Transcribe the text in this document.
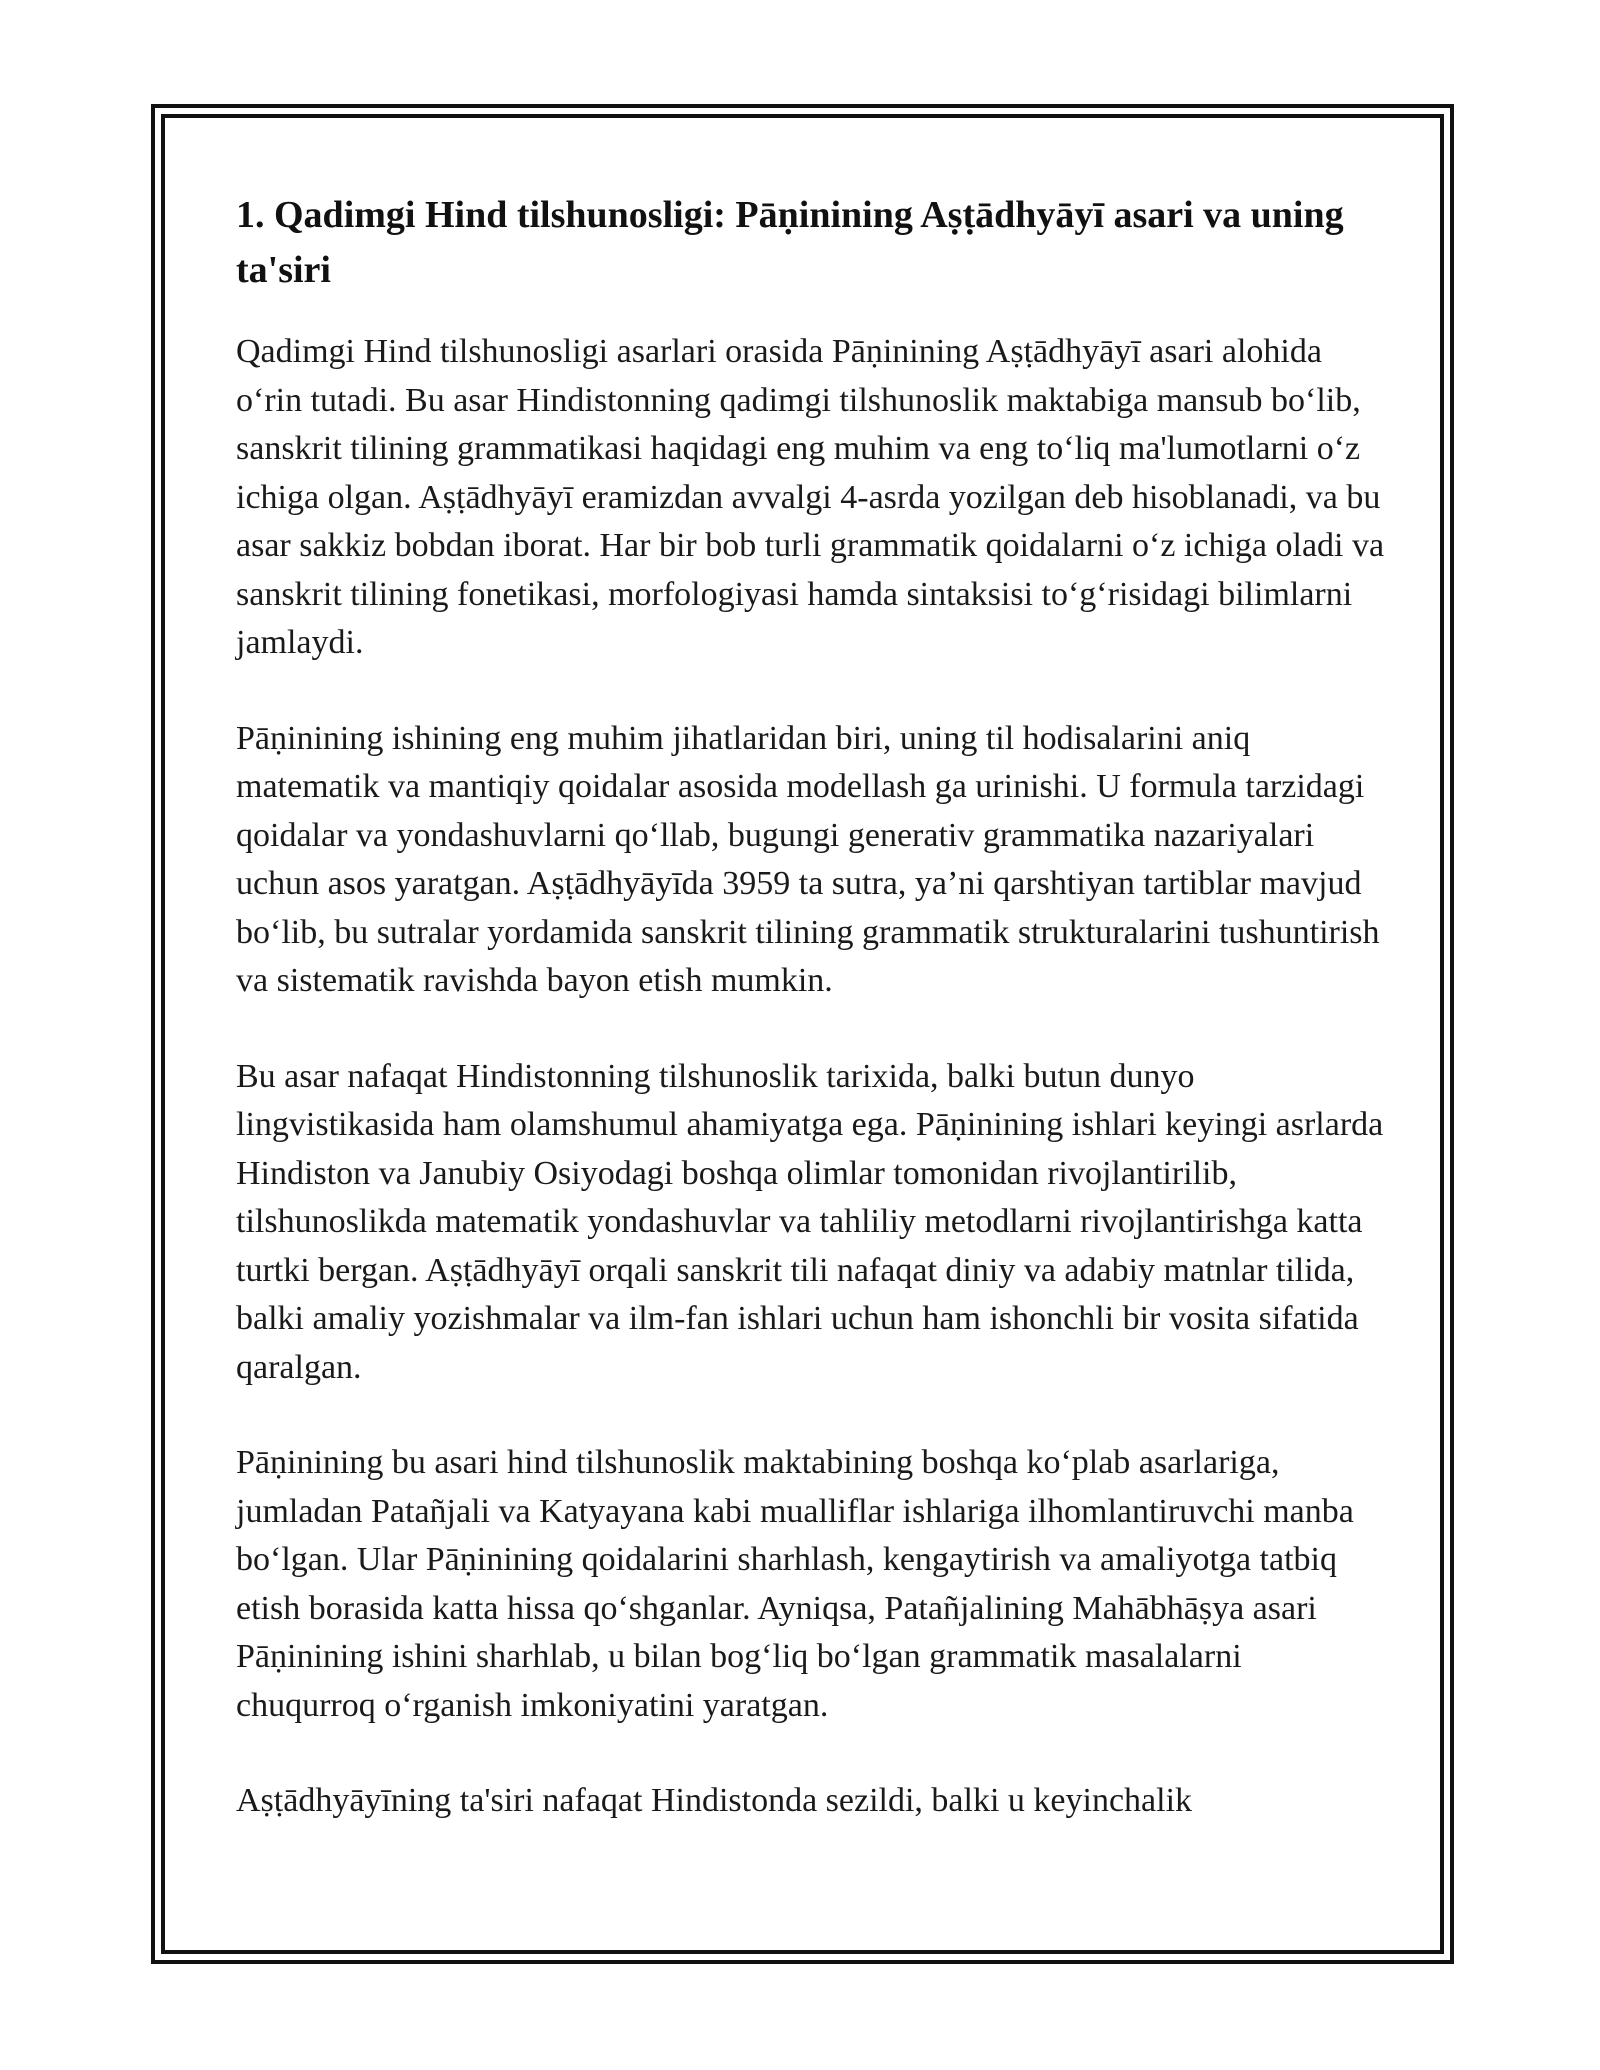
1. Qadimgi Hind tilshunosligi: Pāṇinining Aṣṭādhyāyī asari va uning ta'siri

Qadimgi Hind tilshunosligi asarlari orasida Pāṇinining Aṣṭādhyāyī asari alohida o‘rin tutadi. Bu asar Hindistonning qadimgi tilshunoslik maktabiga mansub bo‘lib, sanskrit tilining grammatikasi haqidagi eng muhim va eng to‘liq ma'lumotlarni o‘z ichiga olgan. Aṣṭādhyāyī eramizdan avvalgi 4-asrda yozilgan deb hisoblanadi, va bu asar sakkiz bobdan iborat. Har bir bob turli grammatik qoidalarni o‘z ichiga oladi va sanskrit tilining fonetikasi, morfologiyasi hamda sintaksisi to‘g‘risidagi bilimlarni jamlaydi.

Pāṇinining ishining eng muhim jihatlaridan biri, uning til hodisalarini aniq matematik va mantiqiy qoidalar asosida modellash ga urinishi. U formula tarzidagi qoidalar va yondashuvlarni qo‘llab, bugungi generativ grammatika nazariyalari uchun asos yaratgan. Aṣṭādhyāyīda 3959 ta sutra, ya’ni qarshtiyan tartiblar mavjud bo‘lib, bu sutralar yordamida sanskrit tilining grammatik strukturalarini tushuntirish va sistematik ravishda bayon etish mumkin.

Bu asar nafaqat Hindistonning tilshunoslik tarixida, balki butun dunyo lingvistikasida ham olamshumul ahamiyatga ega. Pāṇinining ishlari keyingi asrlarda Hindiston va Janubiy Osiyodagi boshqa olimlar tomonidan rivojlantirilib, tilshunoslikda matematik yondashuvlar va tahliliy metodlarni rivojlantirishga katta turtki bergan. Aṣṭādhyāyī orqali sanskrit tili nafaqat diniy va adabiy matnlar tilida, balki amaliy yozishmalar va ilm-fan ishlari uchun ham ishonchli bir vosita sifatida qaralgan.

Pāṇinining bu asari hind tilshunoslik maktabining boshqa ko‘plab asarlariga, jumladan Patañjali va Katyayana kabi mualliflar ishlariga ilhomlantiruvchi manba bo‘lgan. Ular Pāṇinining qoidalarini sharhlash, kengaytirish va amaliyotga tatbiq etish borasida katta hissa qo‘shganlar. Ayniqsa, Patañjalining Mahābhāṣya asari Pāṇinining ishini sharhlab, u bilan bog‘liq bo‘lgan grammatik masalalarni chuqurroq o‘rganish imkoniyatini yaratgan.

Aṣṭādhyāyīning ta'siri nafaqat Hindistonda sezildi, balki u keyinchalik
